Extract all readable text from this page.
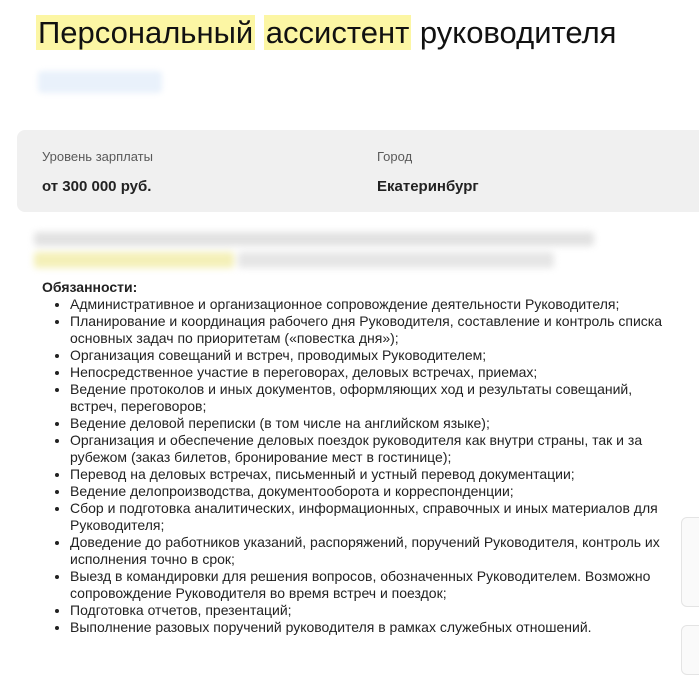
Персональный ассистент руководителя
Уровень зарплаты
от 300 000 руб.
Город
Екатеринбург
Обязанности:
• Административное и организационное сопровождение деятельности Руководителя;
• Планирование и координация рабочего дня Руководителя, составление и контроль списка основных задач по приоритетам («повестка дня»);
• Организация совещаний и встреч, проводимых Руководителем;
• Непосредственное участие в переговорах, деловых встречах, приемах;
• Ведение протоколов и иных документов, оформляющих ход и результаты совещаний, встреч, переговоров;
• Ведение деловой переписки (в том числе на английском языке);
• Организация и обеспечение деловых поездок руководителя как внутри страны, так и за рубежом (заказ билетов, бронирование мест в гостинице);
• Перевод на деловых встречах, письменный и устный перевод документации;
• Ведение делопроизводства, документооборота и корреспонденции;
• Сбор и подготовка аналитических, информационных, справочных и иных материалов для Руководителя;
• Доведение до работников указаний, распоряжений, поручений Руководителя, контроль их исполнения точно в срок;
• Выезд в командировки для решения вопросов, обозначенных Руководителем. Возможно сопровождение Руководителя во время встреч и поездок;
• Подготовка отчетов, презентаций;
• Выполнение разовых поручений руководителя в рамках служебных отношений.
